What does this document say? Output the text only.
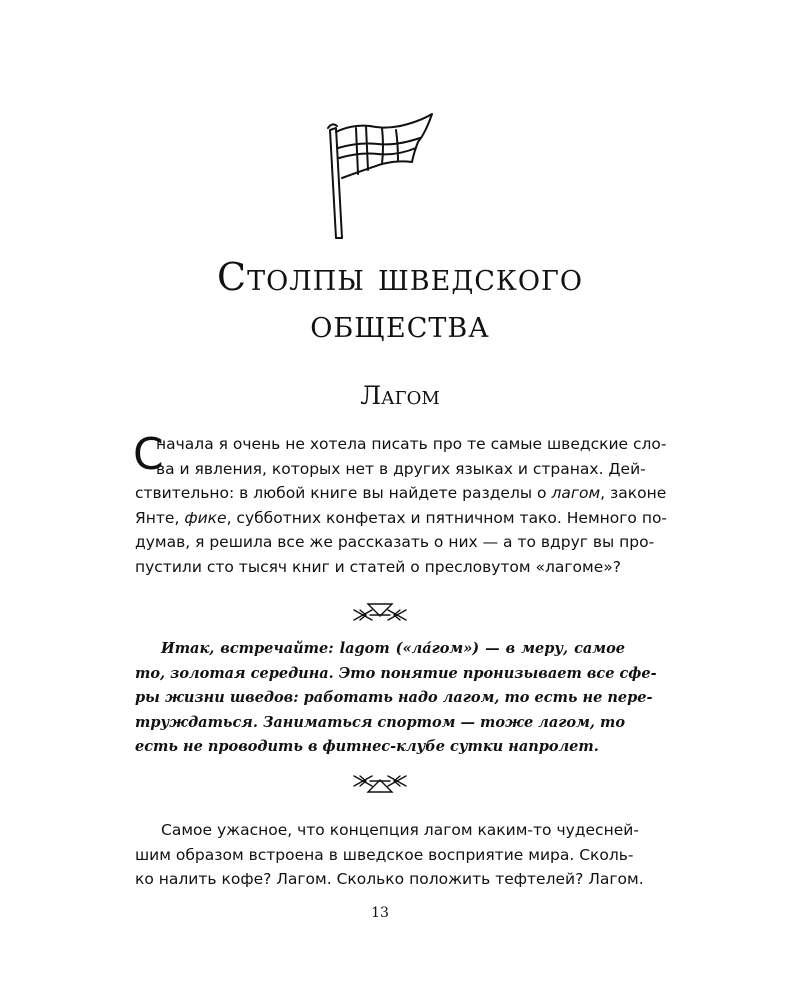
Столпы шведского
общества
Лагом
С
начала я очень не хотела писать про те самые шведские сло-
ва и явления, которых нет в других языках и странах. Дей-
ствительно: в любой книге вы найдете разделы о лагом, законе
Янте, фике, субботних конфетах и пятничном тако. Немного по-
думав, я решила все же рассказать о них — а то вдруг вы про-
пустили сто тысяч книг и статей о пресловутом «лагоме»?
Итак, встречайте: lagom («ла́гом») — в меру, самое
то, золотая середина. Это понятие пронизывает все сфе-
ры жизни шведов: работать надо лагом, то есть не пере-
труждаться. Заниматься спортом — тоже лагом, то
есть не проводить в фитнес-клубе сутки напролет.
Самое ужасное, что концепция лагом каким-то чудесней-
шим образом встроена в шведское восприятие мира. Сколь-
ко налить кофе? Лагом. Сколько положить тефтелей? Лагом.
13
